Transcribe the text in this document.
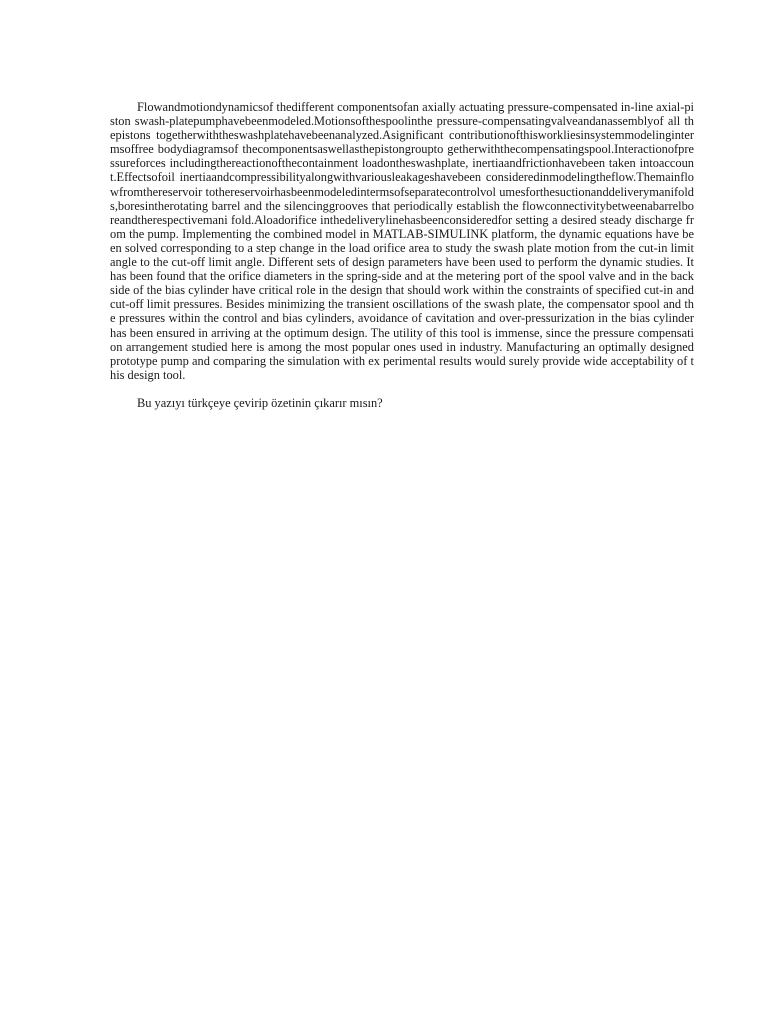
Flowandmotiondynamicsof thedifferent componentsofan axially actuating pressure-compensated in-line axial-piston swash-platepumphavebeenmodeled.Motionsofthespoolinthe pressure-compensatingvalveandanassemblyof all thepistons togetherwiththeswashplatehavebeenanalyzed.Asignificant contributionofthisworkliesinsystemmodelingintermsoffree bodydiagramsof thecomponentsaswellasthepistongroupto getherwiththecompensatingspool.Interactionofpressureforces includingthereactionofthecontainment loadontheswashplate, inertiaandfrictionhavebeen taken intoaccount.Effectsofoil inertiaandcompressibilityalongwithvariousleakageshavebeen consideredinmodelingtheflow.Themainflowfromthereservoir tothereservoirhasbeenmodeledintermsofseparatecontrolvol umesforthesuctionanddeliverymanifolds,boresintherotating barrel and the silencinggrooves that periodically establish the flowconnectivitybetweenabarrelboreandtherespectivemani fold.Aloadorifice inthedeliverylinehasbeenconsideredfor setting a desired steady discharge from the pump. Implementing the combined model in MATLAB-SIMULINK platform, the dynamic equations have been solved corresponding to a step change in the load orifice area to study the swash plate motion from the cut-in limit angle to the cut-off limit angle. Different sets of design parameters have been used to perform the dynamic studies. It has been found that the orifice diameters in the spring-side and at the metering port of the spool valve and in the backside of the bias cylinder have critical role in the design that should work within the constraints of specified cut-in and cut-off limit pressures. Besides minimizing the transient oscillations of the swash plate, the compensator spool and the pressures within the control and bias cylinders, avoidance of cavitation and over-pressurization in the bias cylinder has been ensured in arriving at the optimum design. The utility of this tool is immense, since the pressure compensation arrangement studied here is among the most popular ones used in industry. Manufacturing an optimally designed prototype pump and comparing the simulation with ex perimental results would surely provide wide acceptability of this design tool.

Bu yazıyı türkçeye çevirip özetinin çıkarır mısın?
